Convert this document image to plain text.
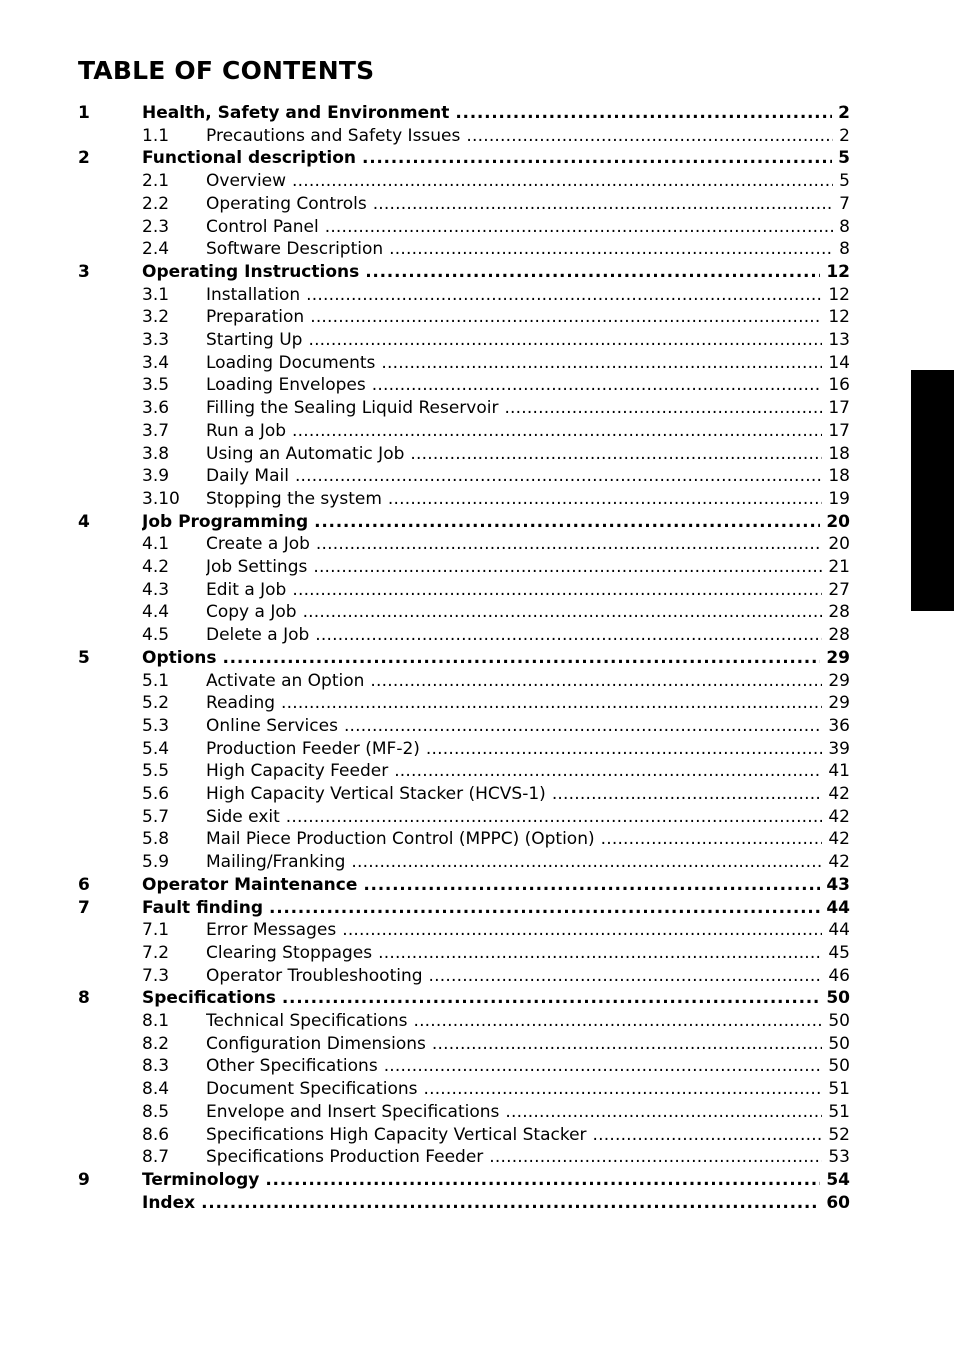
TABLE OF CONTENTS
1	Health, Safety and Environment . . .	2
1.1 Precautions and Safety Issues . . .	2
2	Functional description . . .	5
2.1 Overview . . .	5
2.2 Operating Controls . . .	7
2.3 Control Panel . . .	8
2.4 Software Description . . .	8
3	Operating Instructions . . .	12
3.1 Installation . . .	12
3.2 Preparation . . .	12
3.3 Starting Up . . .	13
3.4 Loading Documents . . .	14
3.5 Loading Envelopes . . .	16
3.6 Filling the Sealing Liquid Reservoir . . .	17
3.7 Run a Job . . .	17
3.8 Using an Automatic Job . . .	18
3.9 Daily Mail . . .	18
3.10 Stopping the system . . .	19
4	Job Programming . . .	20
4.1 Create a Job . . .	20
4.2 Job Settings . . .	21
4.3 Edit a Job . . .	27
4.4 Copy a Job . . .	28
4.5 Delete a Job . . .	28
5	Options . . .	29
5.1 Activate an Option . . .	29
5.2 Reading . . .	29
5.3 Online Services . . .	36
5.4 Production Feeder (MF-2) . . .	39
5.5 High Capacity Feeder . . .	41
5.6 High Capacity Vertical Stacker (HCVS-1) . . .	42
5.7 Side exit . . .	42
5.8 Mail Piece Production Control (MPPC) (Option) . . .	42
5.9 Mailing/Franking . . .	42
6	Operator Maintenance . . .	43
7	Fault finding . . .	44
7.1 Error Messages . . .	44
7.2 Clearing Stoppages . . .	45
7.3 Operator Troubleshooting . . .	46
8	Specifications . . .	50
8.1 Technical Specifications . . .	50
8.2 Configuration Dimensions . . .	50
8.3 Other Specifications . . .	50
8.4 Document Specifications . . .	51
8.5 Envelope and Insert Specifications . . .	51
8.6 Specifications High Capacity Vertical Stacker . . .	52
8.7 Specifications Production Feeder . . .	53
9	Terminology . . .	54
Index . . .	60
